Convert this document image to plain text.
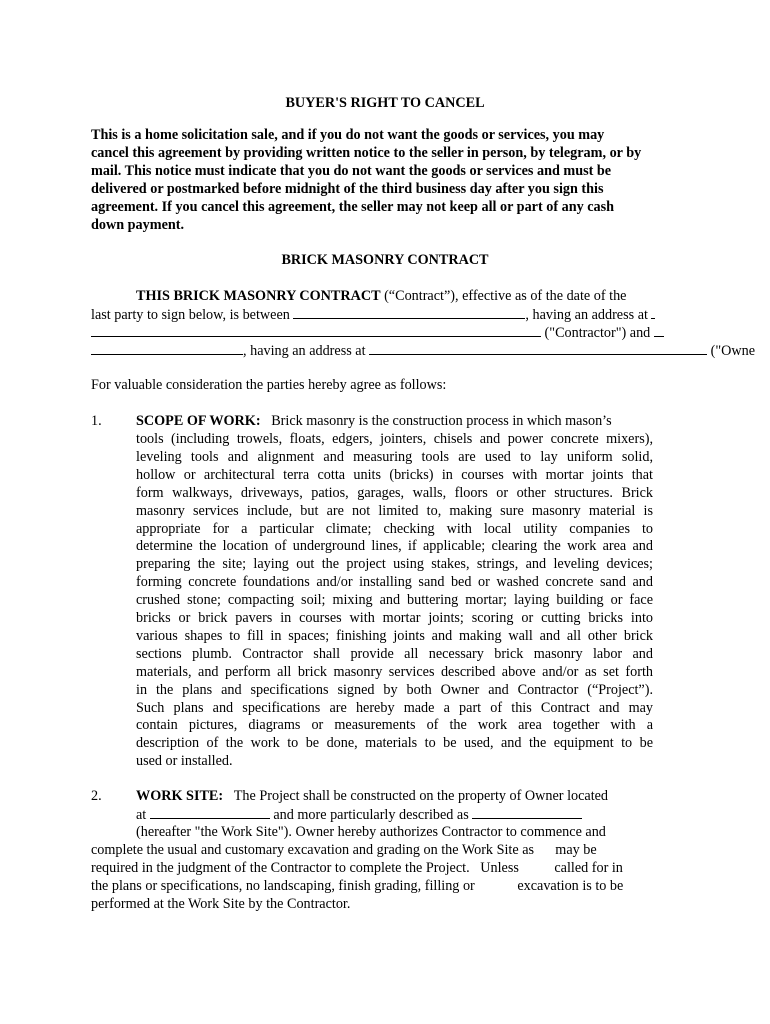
BUYER'S RIGHT TO CANCEL
This is a home solicitation sale, and if you do not want the goods or services, you may
cancel this agreement by providing written notice to the seller in person, by telegram, or by
mail. This notice must indicate that you do not want the goods or services and must be
delivered or postmarked before midnight of the third business day after you sign this
agreement. If you cancel this agreement, the seller may not keep all or part of any cash
down payment.
BRICK MASONRY CONTRACT
THIS BRICK MASONRY CONTRACT (“Contract”), effective as of the date of the
last party to sign below, is between	, having an address at
("Contractor") and
, having an address at	("Owne
For valuable consideration the parties hereby agree as follows:
1. SCOPE OF WORK: Brick masonry is the construction process in which mason’s
tools (including trowels, floats, edgers, jointers, chisels and power concrete mixers),
leveling tools and alignment and measuring tools are used to lay uniform solid,
hollow or architectural terra cotta units (bricks) in courses with mortar joints that
form walkways, driveways, patios, garages, walls, floors or other structures. Brick
masonry services include, but are not limited to, making sure masonry material is
appropriate for a particular climate; checking with local utility companies to
determine the location of underground lines, if applicable; clearing the work area and
preparing the site; laying out the project using stakes, strings, and leveling devices;
forming concrete foundations and/or installing sand bed or washed concrete sand and
crushed stone; compacting soil; mixing and buttering mortar; laying building or face
bricks or brick pavers in courses with mortar joints; scoring or cutting bricks into
various shapes to fill in spaces; finishing joints and making wall and all other brick
sections plumb. Contractor shall provide all necessary brick masonry labor and
materials, and perform all brick masonry services described above and/or as set forth
in the plans and specifications signed by both Owner and Contractor (“Project”).
Such plans and specifications are hereby made a part of this Contract and may
contain pictures, diagrams or measurements of the work area together with a
description of the work to be done, materials to be used, and the equipment to be
used or installed.
2. WORK SITE: The Project shall be constructed on the property of Owner located
at	and more particularly described as
(hereafter "the Work Site"). Owner hereby authorizes Contractor to commence and
complete the usual and customary excavation and grading on the Work Site as      may be
required in the judgment of the Contractor to complete the Project.   Unless          called for in
the plans or specifications, no landscaping, finish grading, filling or            excavation is to be
performed at the Work Site by the Contractor.
